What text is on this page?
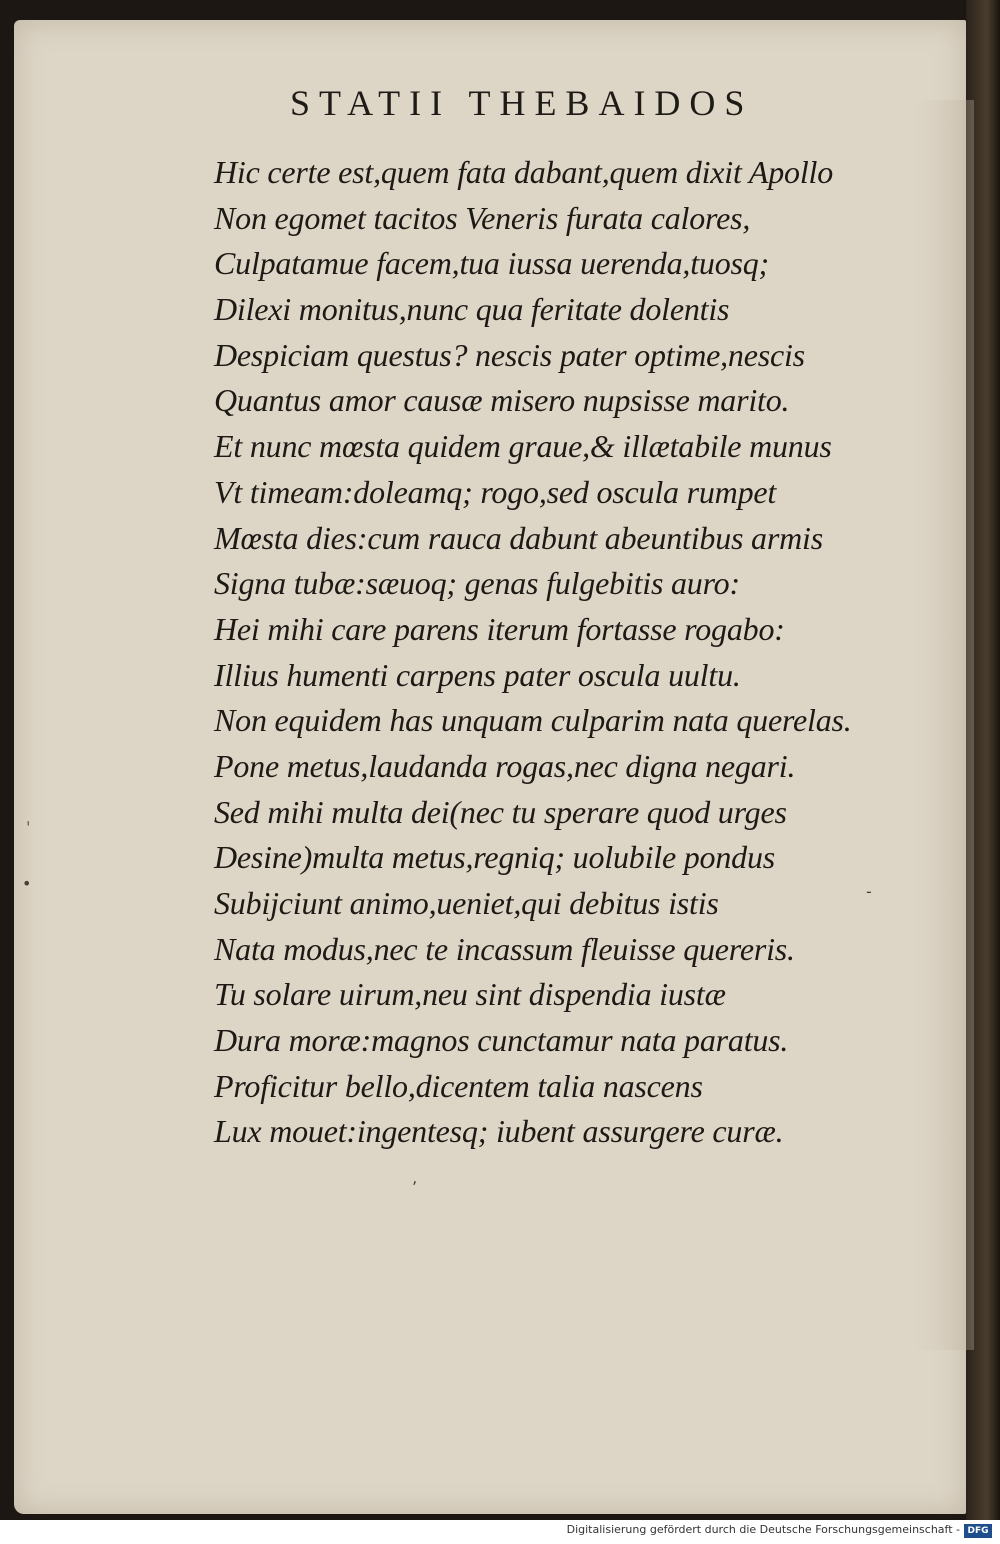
STATII THEBAIDOS
Hic certe est,quem fata dabant,quem dixit Apollo
Non egomet tacitos Veneris furata calores,
Culpatamue facem,tua iussa uerenda,tuosq;
Dilexi monitus,nunc qua feritate dolentis
Despiciam questus? nescis pater optime,nescis
Quantus amor causæ misero nupsisse marito.
Et nunc mœsta quidem graue,& illætabile munus
Vt timeam:doleamq; rogo,sed oscula rumpet
Mœsta dies:cum rauca dabunt abeuntibus armis
Signa tubæ:sæuoq; genas fulgebitis auro:
Hei mihi care parens iterum fortasse rogabo:
Illius humenti carpens pater oscula uultu.
Non equidem has unquam culparim nata querelas.
Pone metus,laudanda rogas,nec digna negari.
Sed mihi multa dei(nec tu sperare quod urges
Desine)multa metus,regniq; uolubile pondus
Subijciunt animo,ueniet,qui debitus istis
Nata modus,nec te incassum fleuisse quereris.
Tu solare uirum,neu sint dispendia iustæ
Dura moræ:magnos cunctamur nata paratus.
Proficitur bello,dicentem talia nascens
Lux mouet:ingentesq; iubent assurgere curæ.
ˌ
•
ʼ
-
Digitalisierung gefördert durch die Deutsche Forschungsgemeinschaft - DFG
